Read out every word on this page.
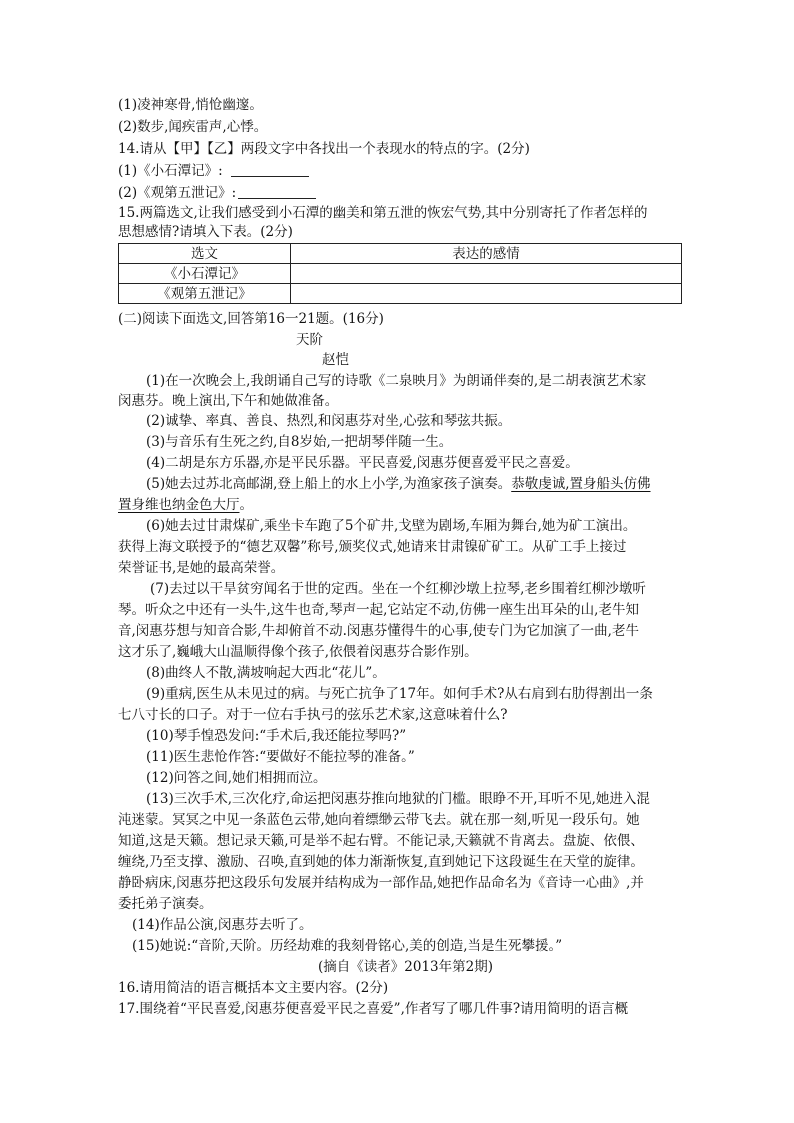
(1)凌神寒骨,悄怆幽邃。
(2)数步,闻疾雷声,心悸。
14.请从【甲】【乙】两段文字中各找出一个表现水的特点的字。(2分)
(1)《小石潭记》:
(2)《观第五泄记》:
15.两篇选文,让我们感受到小石潭的幽美和第五泄的恢宏气势,其中分别寄托了作者怎样的
思想感情?请填入下表。(2分)
选文	表达的感情
《小石潭记》	
《观第五泄记》	
(二)阅读下面选文,回答第16一21题。(16分)
天阶
赵恺
(1)在一次晚会上,我朗诵自己写的诗歌《二泉映月》为朗诵伴奏的,是二胡表演艺术家
闵惠芬。晚上演出,下午和她做准备。
(2)诚挚、率真、善良、热烈,和闵惠芬对坐,心弦和琴弦共振。
(3)与音乐有生死之约,自8岁始,一把胡琴伴随一生。
(4)二胡是东方乐器,亦是平民乐器。平民喜爱,闵惠芬便喜爱平民之喜爱。
(5)她去过苏北高邮湖,登上船上的水上小学,为渔家孩子演奏。恭敬虔诚,置身船头仿佛
置身维也纳金色大厅。
(6)她去过甘肃煤矿,乘坐卡车跑了5个矿井,戈壁为剧场,车厢为舞台,她为矿工演出。
获得上海文联授予的“德艺双馨”称号,颁奖仪式,她请来甘肃镍矿矿工。从矿工手上接过
荣誉证书,是她的最高荣誉。
(7)去过以干旱贫穷闻名于世的定西。坐在一个红柳沙墩上拉琴,老乡围着红柳沙墩听
琴。听众之中还有一头牛,这牛也奇,琴声一起,它站定不动,仿佛一座生出耳朵的山,老牛知
音,闵惠芬想与知音合影,牛却俯首不动.闵惠芬懂得牛的心事,使专门为它加演了一曲,老牛
这才乐了,巍峨大山温顺得像个孩子,依偎着闵惠芬合影作别。
(8)曲终人不散,满坡响起大西北“花儿”。
(9)重病,医生从未见过的病。与死亡抗争了17年。如何手术?从右肩到右肋得割出一条
七八寸长的口子。对于一位右手执弓的弦乐艺术家,这意味着什么?
(10)琴手惶恐发问:“手术后,我还能拉琴吗?”
(11)医生悲怆作答:“要做好不能拉琴的准备。”
(12)问答之间,她们相拥而泣。
(13)三次手术,三次化疗,命运把闵惠芬推向地狱的门槛。眼睁不开,耳听不见,她进入混
沌迷蒙。冥冥之中见一条蓝色云带,她向着缥缈云带飞去。就在那一刻,听见一段乐句。她
知道,这是天籁。想记录天籁,可是举不起右臂。不能记录,天籁就不肯离去。盘旋、依偎、
缠绕,乃至支撑、激励、召唤,直到她的体力渐渐恢复,直到她记下这段诞生在天堂的旋律。
静卧病床,闵惠芬把这段乐句发展并结构成为一部作品,她把作品命名为《音诗一心曲》,并
委托弟子演奏。
(14)作品公演,闵惠芬去听了。
(15)她说:“音阶,天阶。历经劫难的我刻骨铭心,美的创造,当是生死攀援。”
(摘自《读者》2013年第2期)
16.请用简洁的语言概括本文主要内容。(2分)
17.围绕着“平民喜爱,闵惠芬便喜爱平民之喜爱”,作者写了哪几件事?请用简明的语言概
